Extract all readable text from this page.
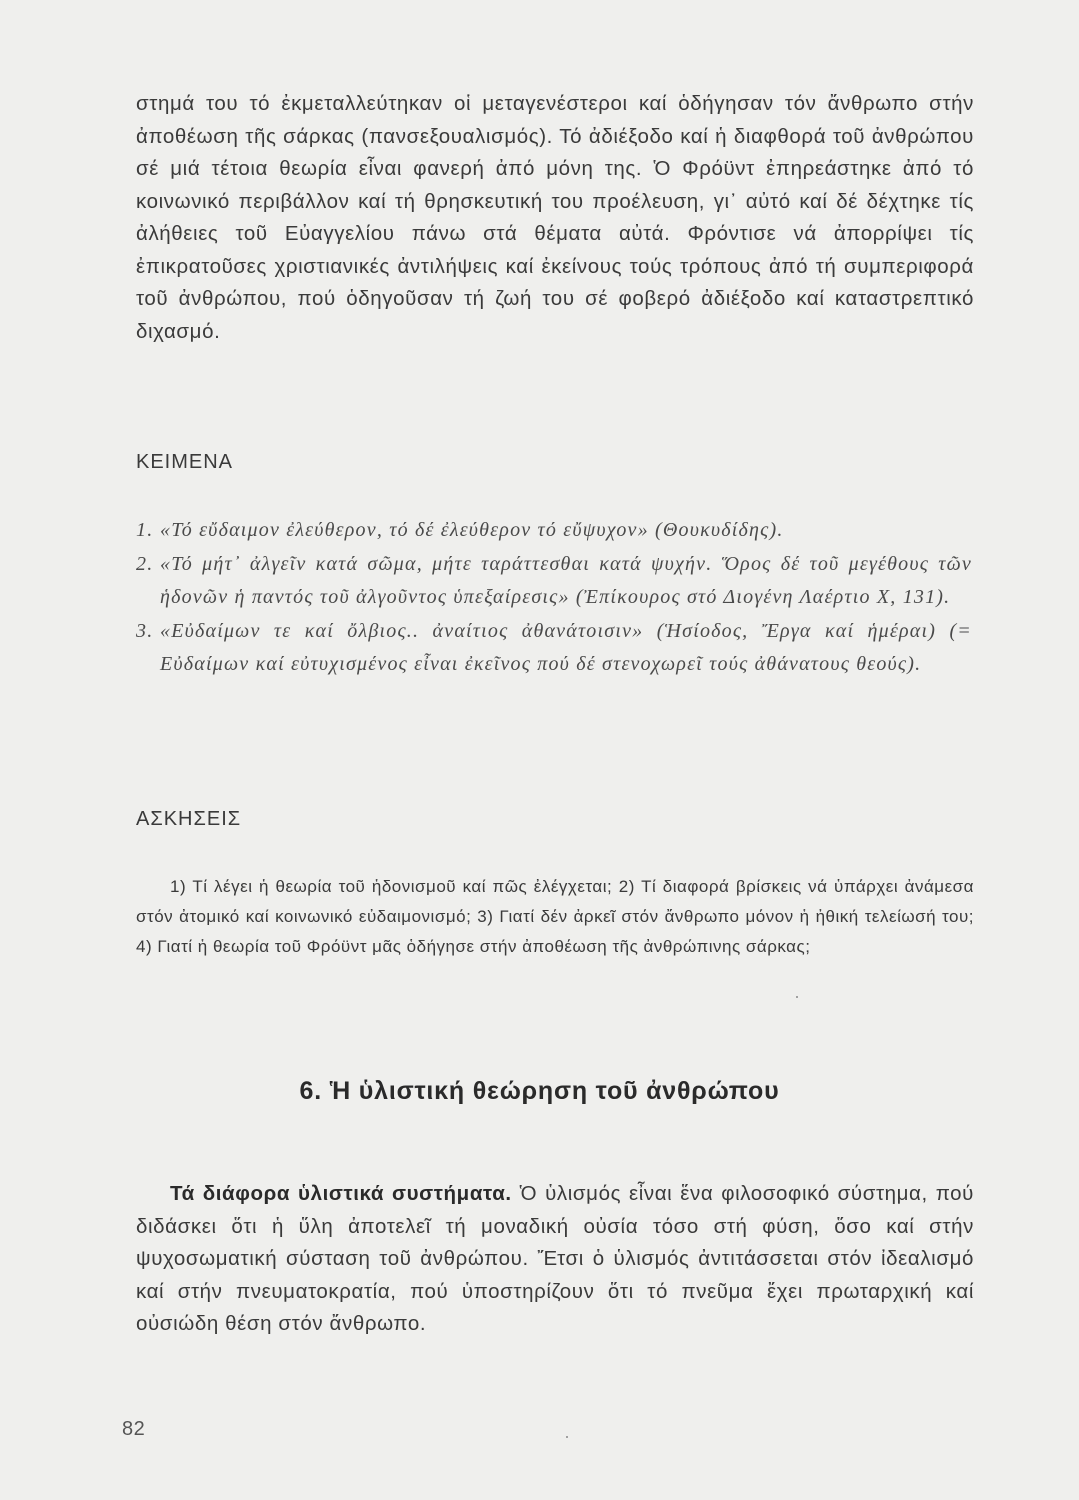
στημά του τό ἐκμεταλλεύτηκαν οἱ μεταγενέστεροι καί ὁδήγησαν τόν ἄνθρωπο στήν ἀποθέωση τῆς σάρκας (πανσεξουαλισμός). Τό ἀδιέξοδο καί ἡ διαφθορά τοῦ ἀνθρώπου σέ μιά τέτοια θεωρία εἶναι φανερή ἀπό μόνη της. Ὁ Φρόϋντ ἐπηρεάστηκε ἀπό τό κοινωνικό περιβάλλον καί τή θρησκευτική του προέλευση, γι᾽ αὐτό καί δέ δέχτηκε τίς ἀλήθειες τοῦ Εὐαγγελίου πάνω στά θέματα αὐτά. Φρόντισε νά ἀπορρίψει τίς ἐπικρατοῦσες χριστιανικές ἀντιλήψεις καί ἐκείνους τούς τρόπους ἀπό τή συμπεριφορά τοῦ ἀνθρώπου, πού ὁδηγοῦσαν τή ζωή του σέ φοβερό ἀδιέξοδο καί καταστρεπτικό διχασμό.

ΚΕΙΜΕΝΑ
1. «Τό εὔδαιμον ἐλεύθερον, τό δέ ἐλεύθερον τό εὔψυχον» (Θουκυδίδης).
2. «Τό μήτ᾽ ἀλγεῖν κατά σῶμα, μήτε ταράττεσθαι κατά ψυχήν. Ὅρος δέ τοῦ μεγέθους τῶν ἡδονῶν ἡ παντός τοῦ ἀλγοῦντος ὑπεξαίρεσις» (Ἐπίκουρος στό Διογένη Λαέρτιο Χ, 131).
3. «Εὐδαίμων τε καί ὄλβιος.. ἀναίτιος ἀθανάτοισιν» (Ἡσίοδος, Ἔργα καί ἡμέραι) (= Εὐδαίμων καί εὐτυχισμένος εἶναι ἐκεῖνος πού δέ στενοχωρεῖ τούς ἀθάνατους θεούς).
ΑΣΚΗΣΕΙΣ

1) Τί λέγει ἡ θεωρία τοῦ ἡδονισμοῦ καί πῶς ἐλέγχεται; 2) Τί διαφορά βρίσκεις νά ὑπάρχει ἀνάμεσα στόν ἀτομικό καί κοινωνικό εὐδαιμονισμό; 3) Γιατί δέν ἀρκεῖ στόν ἄνθρωπο μόνον ἡ ἠθική τελείωσή του; 4) Γιατί ἡ θεωρία τοῦ Φρόϋντ μᾶς ὁδήγησε στήν ἀποθέωση τῆς ἀνθρώπινης σάρκας;

6. Ἡ ὑλιστική θεώρηση τοῦ ἀνθρώπου

Τά διάφορα ὑλιστικά συστήματα. Ὁ ὑλισμός εἶναι ἕνα φιλοσοφικό σύστημα, πού διδάσκει ὅτι ἡ ὕλη ἀποτελεῖ τή μοναδική οὐσία τόσο στή φύση, ὅσο καί στήν ψυχοσωματική σύσταση τοῦ ἀνθρώπου. Ἔτσι ὁ ὑλισμός ἀντιτάσσεται στόν ἰδεαλισμό καί στήν πνευματοκρατία, πού ὑποστηρίζουν ὅτι τό πνεῦμα ἔχει πρωταρχική καί οὐσιώδη θέση στόν ἄνθρωπο.

82
